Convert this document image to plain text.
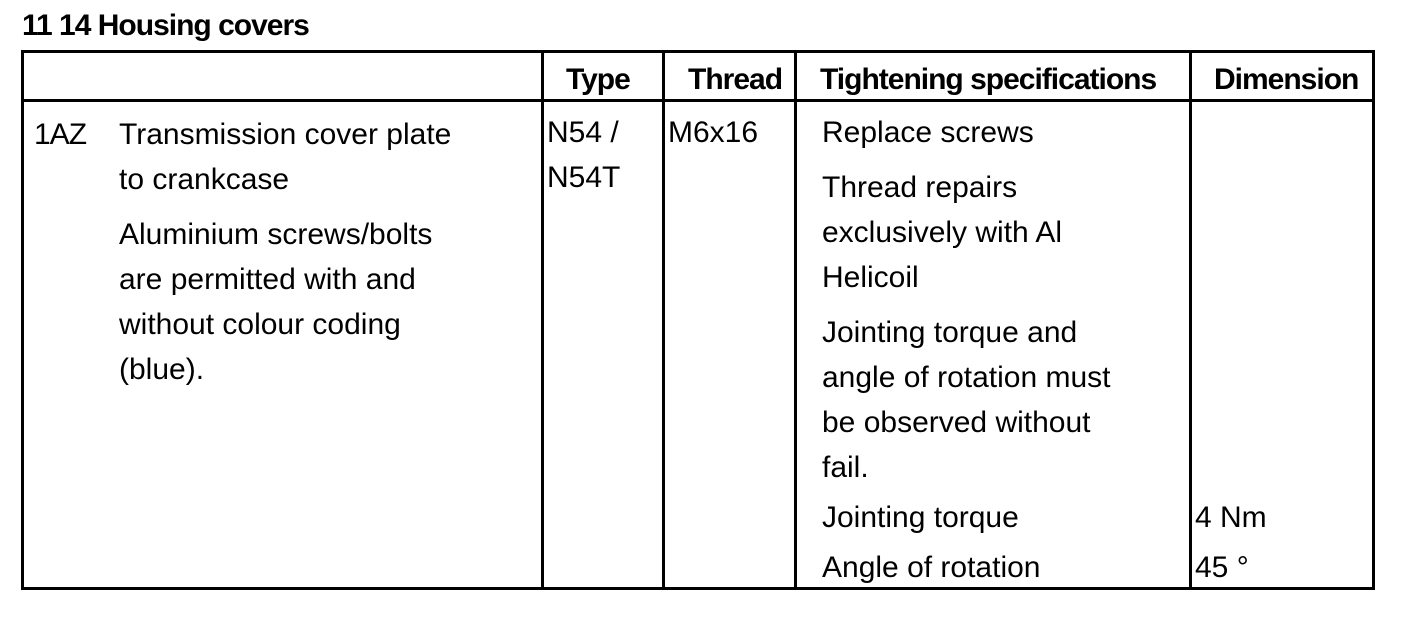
11 14 Housing covers
Type Thread Tightening specifications Dimension
1AZ Transmission cover plate
to crankcase
Aluminium screws/bolts
are permitted with and
without colour coding
(blue).
N54 /
N54T
M6x16 Replace screws
Thread repairs
exclusively with Al
Helicoil
Jointing torque and
angle of rotation must
be observed without
fail.
Jointing torque
Angle of rotation
4 Nm
45 °
